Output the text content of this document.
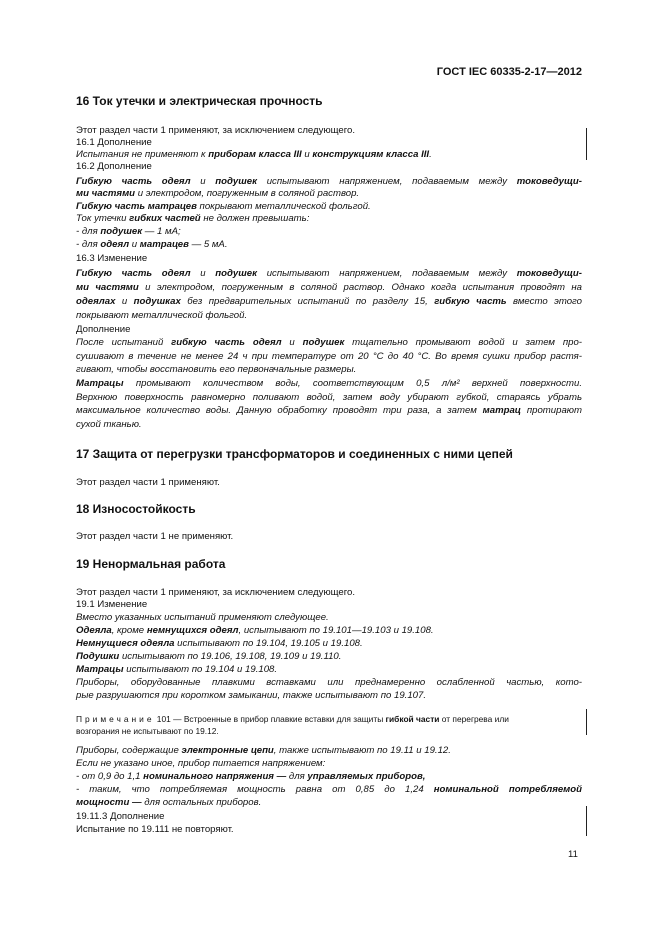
ГОСТ IEC 60335-2-17—2012
16 Ток утечки и электрическая прочность
Этот раздел части 1 применяют, за исключением следующего.
16.1 Дополнение
Испытания не применяют к приборам класса III и конструкциям класса III.
16.2 Дополнение
Гибкую часть одеял и подушек испытывают напряжением, подаваемым между токоведущи-
ми частями и электродом, погруженным в соляной раствор.
Гибкую часть матрацев покрывают металлической фольгой.
Ток утечки гибких частей не должен превышать:
- для подушек — 1 мА;
- для одеял и матрацев — 5 мА.
16.3 Изменение
Гибкую часть одеял и подушек испытывают напряжением, подаваемым между токоведущи-
ми частями и электродом, погруженным в соляной раствор. Однако когда испытания проводят на
одеялах и подушках без предварительных испытаний по разделу 15, гибкую часть вместо этого
покрывают металлической фольгой.
Дополнение
После испытаний гибкую часть одеял и подушек тщательно промывают водой и затем про-
сушивают в течение не менее 24 ч при температуре от 20 °С до 40 °С. Во время сушки прибор растя-
гивают, чтобы восстановить его первоначальные размеры.
Матрацы промывают количеством воды, соответствующим 0,5 л/м² верхней поверхности.
Верхнюю поверхность равномерно поливают водой, затем воду убирают губкой, стараясь убрать
максимальное количество воды. Данную обработку проводят три раза, а затем матрац протирают
сухой тканью.
17 Защита от перегрузки трансформаторов и соединенных с ними цепей
Этот раздел части 1 применяют.
18 Износостойкость
Этот раздел части 1 не применяют.
19 Ненормальная работа
Этот раздел части 1 применяют, за исключением следующего.
19.1 Изменение
Вместо указанных испытаний применяют следующее.
Одеяла, кроме немнущихся одеял, испытывают по 19.101—19.103 и 19.108.
Немнущиеся одеяла испытывают по 19.104, 19.105 и 19.108.
Подушки испытывают по 19.106, 19.108, 19.109 и 19.110.
Матрацы испытывают по 19.104 и 19.108.
Приборы, оборудованные плавкими вставками или преднамеренно ослабленной частью, кото-
рые разрушаются при коротком замыкании, также испытывают по 19.107.
Примечание 101 — Встроенные в прибор плавкие вставки для защиты гибкой части от перегрева или
возгорания не испытывают по 19.12.
Приборы, содержащие электронные цепи, также испытывают по 19.11 и 19.12.
Если не указано иное, прибор питается напряжением:
- от 0,9 до 1,1 номинального напряжения — для управляемых приборов,
- таким, что потребляемая мощность равна от 0,85 до 1,24 номинальной потребляемой
мощности — для остальных приборов.
19.11.3 Дополнение
Испытание по 19.111 не повторяют.
11
